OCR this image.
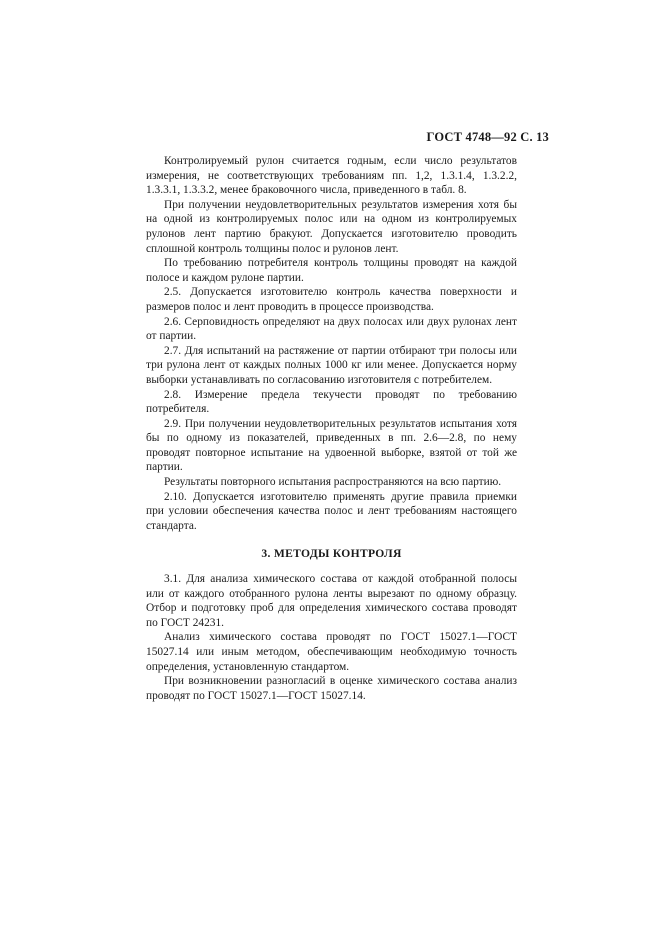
ГОСТ 4748—92 С. 13

Контролируемый рулон считается годным, если число результатов измерения, не соответствующих требованиям пп. 1,2, 1.3.1.4, 1.3.2.2, 1.3.3.1, 1.3.3.2, менее браковочного числа, приведенного в табл. 8.

При получении неудовлетворительных результатов измерения хотя бы на одной из контролируемых полос или на одном из контролируемых рулонов лент партию бракуют. Допускается изготовителю проводить сплошной контроль толщины полос и рулонов лент.

По требованию потребителя контроль толщины проводят на каждой полосе и каждом рулоне партии.

2.5. Допускается изготовителю контроль качества поверхности и размеров полос и лент проводить в процессе производства.

2.6. Серповидность определяют на двух полосах или двух рулонах лент от партии.

2.7. Для испытаний на растяжение от партии отбирают три полосы или три рулона лент от каждых полных 1000 кг или менее. Допускается норму выборки устанавливать по согласованию изготовителя с потребителем.

2.8. Измерение предела текучести проводят по требованию потребителя.

2.9. При получении неудовлетворительных результатов испытания хотя бы по одному из показателей, приведенных в пп. 2.6—2.8, по нему проводят повторное испытание на удвоенной выборке, взятой от той же партии.

Результаты повторного испытания распространяются на всю партию.

2.10. Допускается изготовителю применять другие правила приемки при условии обеспечения качества полос и лент требованиям настоящего стандарта.

3. МЕТОДЫ КОНТРОЛЯ

3.1. Для анализа химического состава от каждой отобранной полосы или от каждого отобранного рулона ленты вырезают по одному образцу. Отбор и подготовку проб для определения химического состава проводят по ГОСТ 24231.

Анализ химического состава проводят по ГОСТ 15027.1—ГОСТ 15027.14 или иным методом, обеспечивающим необходимую точность определения, установленную стандартом.

При возникновении разногласий в оценке химического состава анализ проводят по ГОСТ 15027.1—ГОСТ 15027.14.
